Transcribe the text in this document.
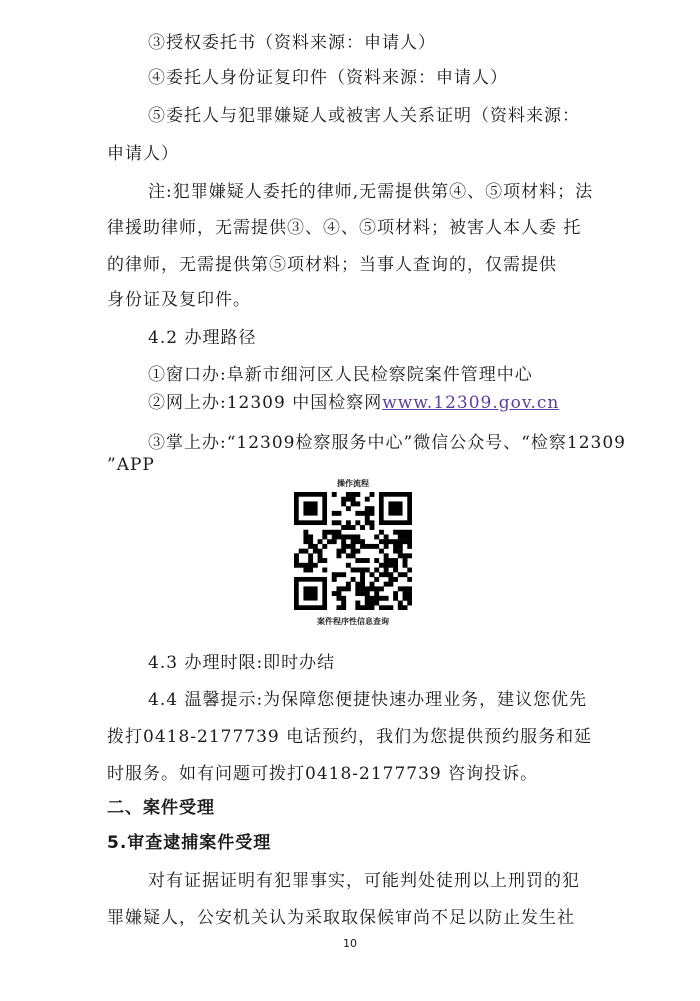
③授权委托书（资料来源：申请人）
④委托人身份证复印件（资料来源：申请人）
⑤委托人与犯罪嫌疑人或被害人关系证明（资料来源：
申请人）
注:犯罪嫌疑人委托的律师,无需提供第④、⑤项材料；法
律援助律师，无需提供③、④、⑤项材料；被害人本人委 托
的律师，无需提供第⑤项材料；当事人查询的，仅需提供
身份证及复印件。
4.2 办理路径
①窗口办:阜新市细河区人民检察院案件管理中心
②网上办:12309 中国检察网www.12309.gov.cn
③掌上办:“12309检察服务中心”微信公众号、“检察12309
”APP
操作流程
案件程序性信息查询
4.3 办理时限:即时办结
4.4 温馨提示:为保障您便捷快速办理业务，建议您优先
拨打0418-2177739 电话预约，我们为您提供预约服务和延
时服务。如有问题可拨打0418-2177739 咨询投诉。
二、案件受理
5.审查逮捕案件受理
对有证据证明有犯罪事实，可能判处徒刑以上刑罚的犯
罪嫌疑人，公安机关认为采取取保候审尚不足以防止发生社
10
